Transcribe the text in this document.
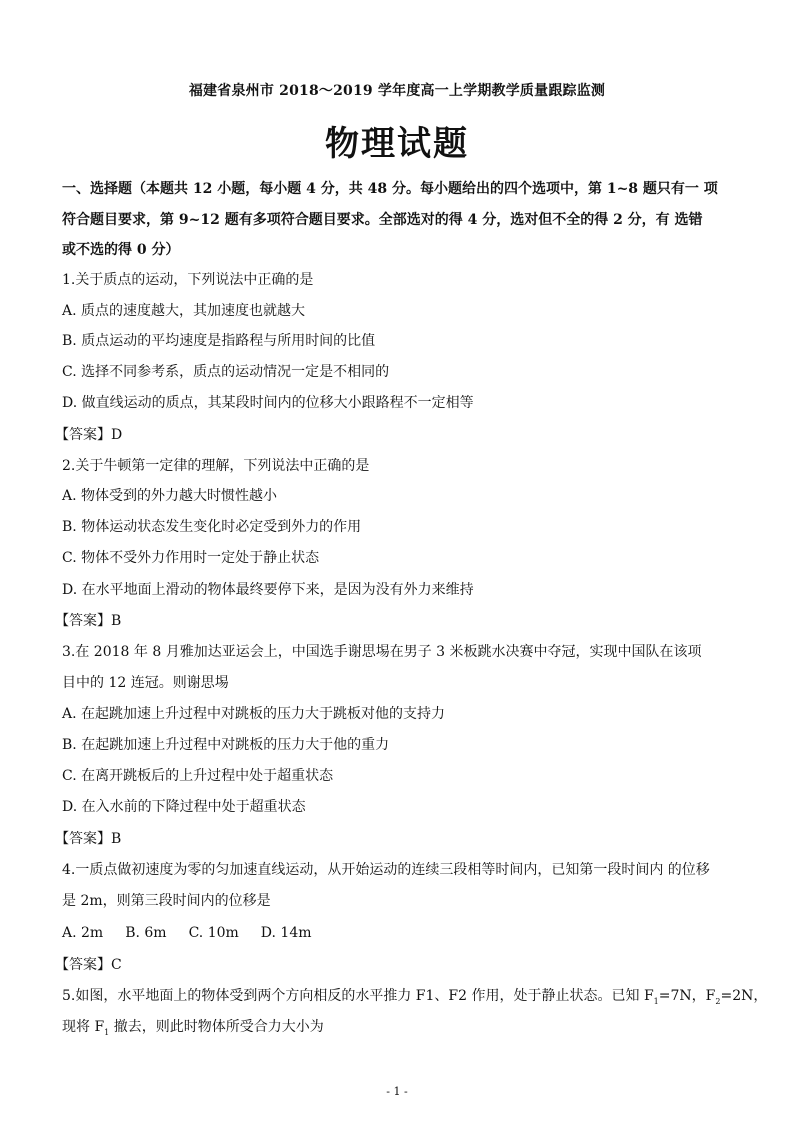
福建省泉州市 2018～2019 学年度高一上学期教学质量跟踪监测
物理试题
一、选择题（本题共 12 小题，每小题 4 分，共 48 分。每小题给出的四个选项中，第 1~8 题只有一 项
符合题目要求，第 9~12 题有多项符合题目要求。全部选对的得 4 分，选对但不全的得 2 分，有 选错
或不选的得 0 分）
1.关于质点的运动，下列说法中正确的是
A. 质点的速度越大，其加速度也就越大
B. 质点运动的平均速度是指路程与所用时间的比值
C. 选择不同参考系，质点的运动情况一定是不相同的
D. 做直线运动的质点，其某段时间内的位移大小跟路程不一定相等
【答案】D
2.关于牛顿第一定律的理解，下列说法中正确的是
A. 物体受到的外力越大时惯性越小
B. 物体运动状态发生变化时必定受到外力的作用
C. 物体不受外力作用时一定处于静止状态
D. 在水平地面上滑动的物体最终要停下来，是因为没有外力来维持
【答案】B
3.在 2018 年 8 月雅加达亚运会上，中国选手谢思埸在男子 3 米板跳水决赛中夺冠，实现中国队在该项
目中的 12 连冠。则谢思埸
A. 在起跳加速上升过程中对跳板的压力大于跳板对他的支持力
B. 在起跳加速上升过程中对跳板的压力大于他的重力
C. 在离开跳板后的上升过程中处于超重状态
D. 在入水前的下降过程中处于超重状态
【答案】B
4.一质点做初速度为零的匀加速直线运动，从开始运动的连续三段相等时间内，已知第一段时间内 的位移
是 2m，则第三段时间内的位移是
A. 2m B. 6m C. 10m D. 14m
【答案】C
5.如图，水平地面上的物体受到两个方向相反的水平推力 F1、F2 作用，处于静止状态。已知 $F_1=7N$，$F_2=2N$，
现将 $F_1$ 撤去，则此时物体所受合力大小为
- 1 -
